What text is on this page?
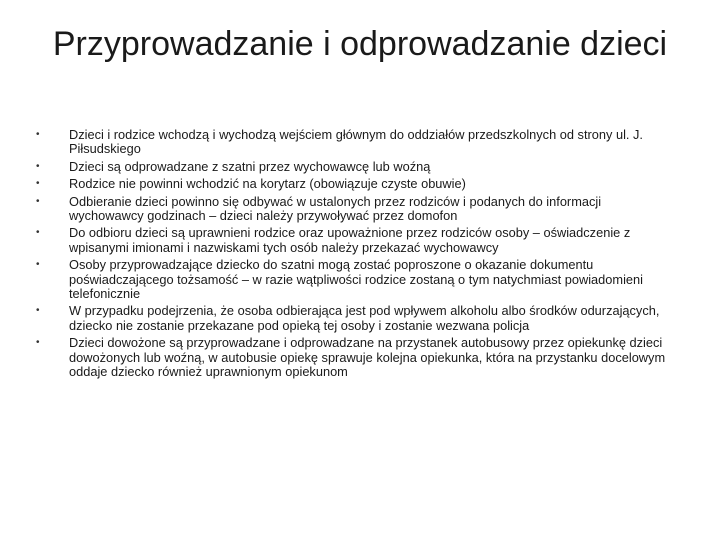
Przyprowadzanie i odprowadzanie dzieci
•	Dzieci i rodzice wchodzą i wychodzą wejściem głównym do oddziałów przedszkolnych od strony ul. J. Piłsudskiego
•	Dzieci są odprowadzane z szatni przez wychowawcę lub woźną
•	Rodzice nie powinni wchodzić na korytarz (obowiązuje czyste obuwie)
•	Odbieranie dzieci powinno się odbywać w ustalonych przez rodziców i podanych do informacji wychowawcy godzinach – dzieci należy przywoływać przez domofon
•	Do odbioru dzieci są uprawnieni rodzice oraz upoważnione przez rodziców osoby – oświadczenie z wpisanymi imionami i nazwiskami tych osób należy przekazać wychowawcy
•	Osoby przyprowadzające dziecko do szatni mogą zostać poproszone o okazanie dokumentu poświadczającego tożsamość – w razie wątpliwości rodzice zostaną o tym natychmiast powiadomieni telefonicznie
•	W przypadku podejrzenia, że osoba odbierająca jest pod wpływem alkoholu albo środków odurzających, dziecko nie zostanie przekazane pod opieką tej osoby i zostanie wezwana policja
•	Dzieci dowożone są przyprowadzane i odprowadzane na przystanek autobusowy przez opiekunkę dzieci dowożonych lub woźną, w autobusie opiekę sprawuje kolejna opiekunka, która na przystanku docelowym oddaje dziecko również uprawnionym opiekunom
